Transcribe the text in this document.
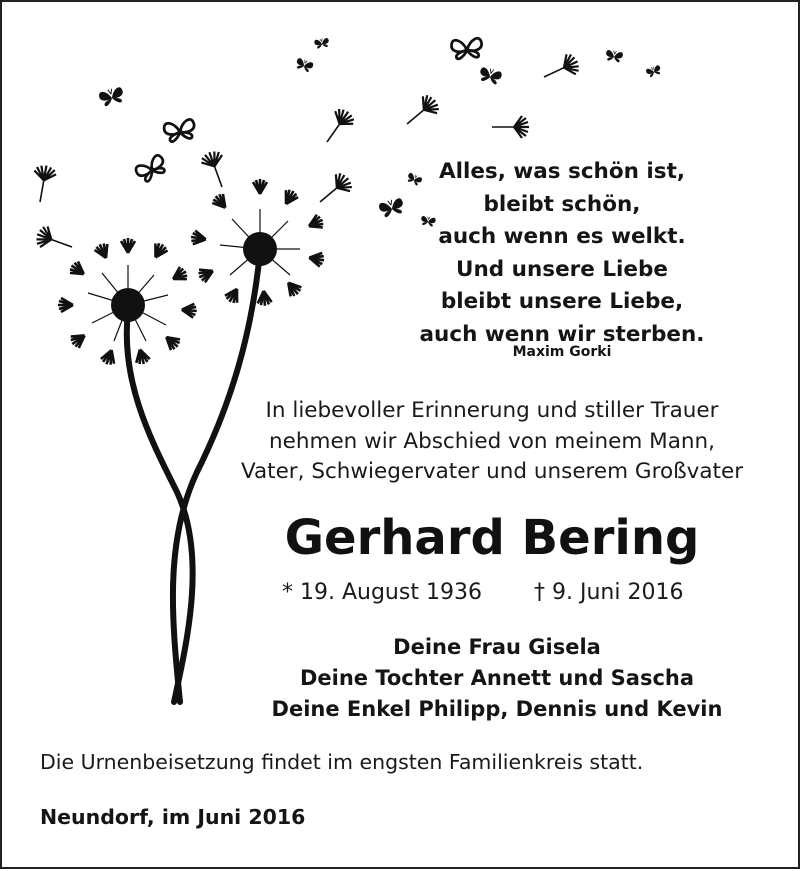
Alles, was schön ist,
bleibt schön,
auch wenn es welkt.
Und unsere Liebe
bleibt unsere Liebe,
auch wenn wir sterben.
Maxim Gorki
In liebevoller Erinnerung und stiller Trauer
nehmen wir Abschied von meinem Mann,
Vater, Schwiegervater und unserem Großvater
Gerhard Bering
* 19. August 1936 † 9. Juni 2016
Deine Frau Gisela
Deine Tochter Annett und Sascha
Deine Enkel Philipp, Dennis und Kevin
Die Urnenbeisetzung findet im engsten Familienkreis statt.
Neundorf, im Juni 2016
